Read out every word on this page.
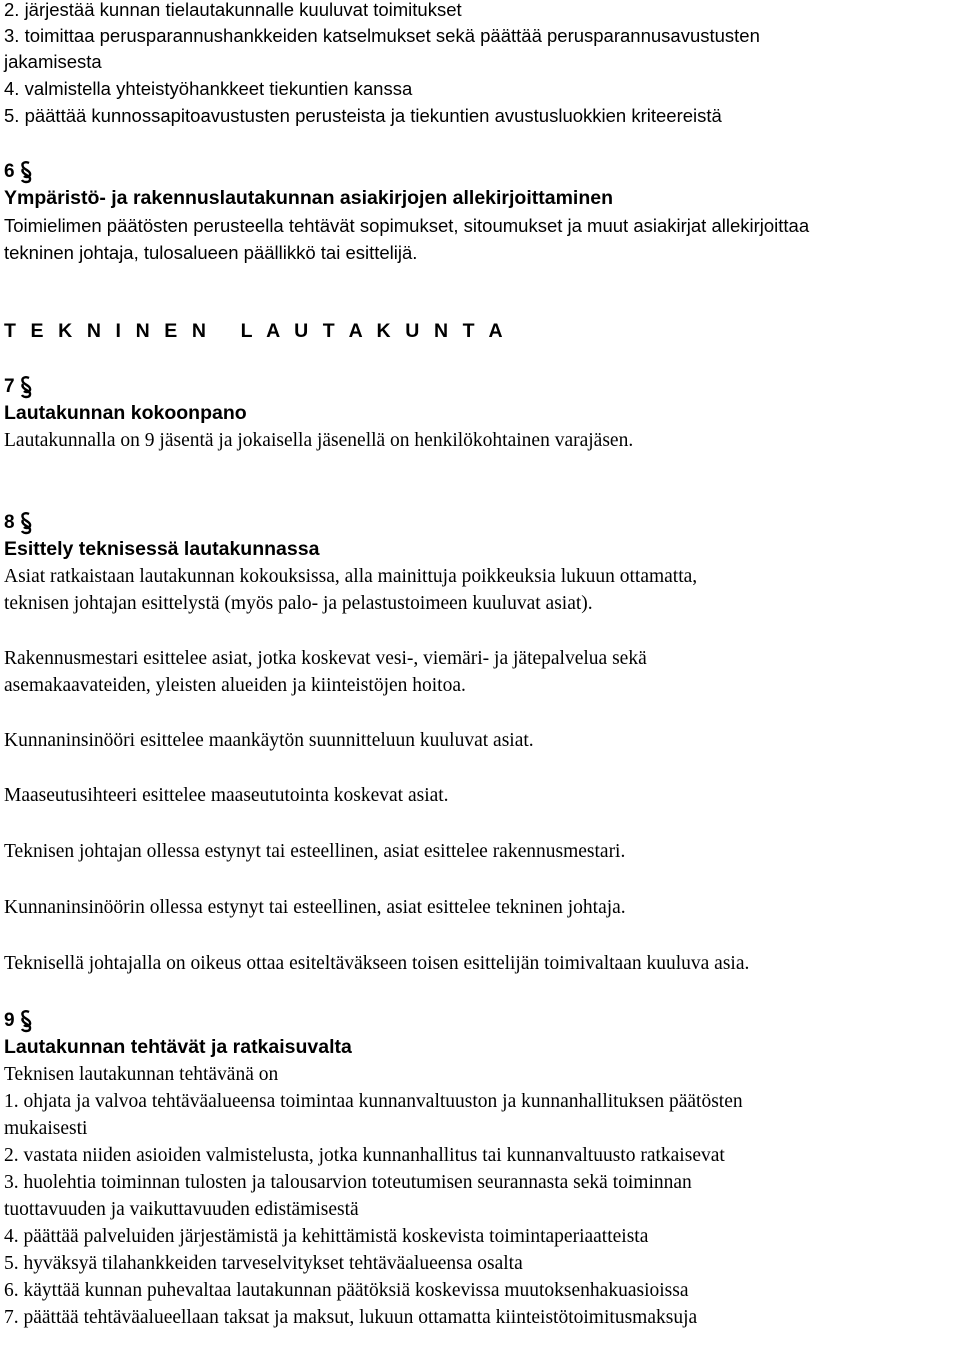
2. järjestää kunnan tielautakunnalle kuuluvat toimitukset
3. toimittaa perusparannushankkeiden katselmukset sekä päättää perusparannusavustusten
jakamisesta
4. valmistella yhteistyöhankkeet tiekuntien kanssa
5. päättää kunnossapitoavustusten perusteista ja tiekuntien avustusluokkien kriteereistä
6
Ympäristö- ja rakennuslautakunnan asiakirjojen allekirjoittaminen
Toimielimen päätösten perusteella tehtävät sopimukset, sitoumukset ja muut asiakirjat allekirjoittaa
tekninen johtaja, tulosalueen päällikkö tai esittelijä.
T E K N I N E N   L A U T A K U N T A
7
Lautakunnan kokoonpano
Lautakunnalla on 9 jäsentä ja jokaisella jäsenellä on henkilökohtainen varajäsen.
8
Esittely teknisessä lautakunnassa
Asiat ratkaistaan lautakunnan kokouksissa, alla mainittuja poikkeuksia lukuun ottamatta,
teknisen johtajan esittelystä (myös palo- ja pelastustoimeen kuuluvat asiat).
Rakennusmestari esittelee asiat, jotka koskevat vesi-, viemäri- ja jätepalvelua sekä
asemakaavateiden, yleisten alueiden ja kiinteistöjen hoitoa.
Kunnaninsinööri esittelee maankäytön suunnitteluun kuuluvat asiat.
Maaseutusihteeri esittelee maaseututointa koskevat asiat.
Teknisen johtajan ollessa estynyt tai esteellinen, asiat esittelee rakennusmestari.
Kunnaninsinöörin ollessa estynyt tai esteellinen, asiat esittelee tekninen johtaja.
Teknisellä johtajalla on oikeus ottaa esiteltäväkseen toisen esittelijän toimivaltaan kuuluva asia.
9
Lautakunnan tehtävät ja ratkaisuvalta
Teknisen lautakunnan tehtävänä on
1. ohjata ja valvoa tehtäväalueensa toimintaa kunnanvaltuuston ja kunnanhallituksen päätösten
mukaisesti
2. vastata niiden asioiden valmistelusta, jotka kunnanhallitus tai kunnanvaltuusto ratkaisevat
3. huolehtia toiminnan tulosten ja talousarvion toteutumisen seurannasta sekä toiminnan
tuottavuuden ja vaikuttavuuden edistämisestä
4. päättää palveluiden järjestämistä ja kehittämistä koskevista toimintaperiaatteista
5. hyväksyä tilahankkeiden tarveselvitykset tehtäväalueensa osalta
6. käyttää kunnan puhevaltaa lautakunnan päätöksiä koskevissa muutoksenhakuasioissa
7. päättää tehtäväalueellaan taksat ja maksut, lukuun ottamatta kiinteistötoimitusmaksuja
